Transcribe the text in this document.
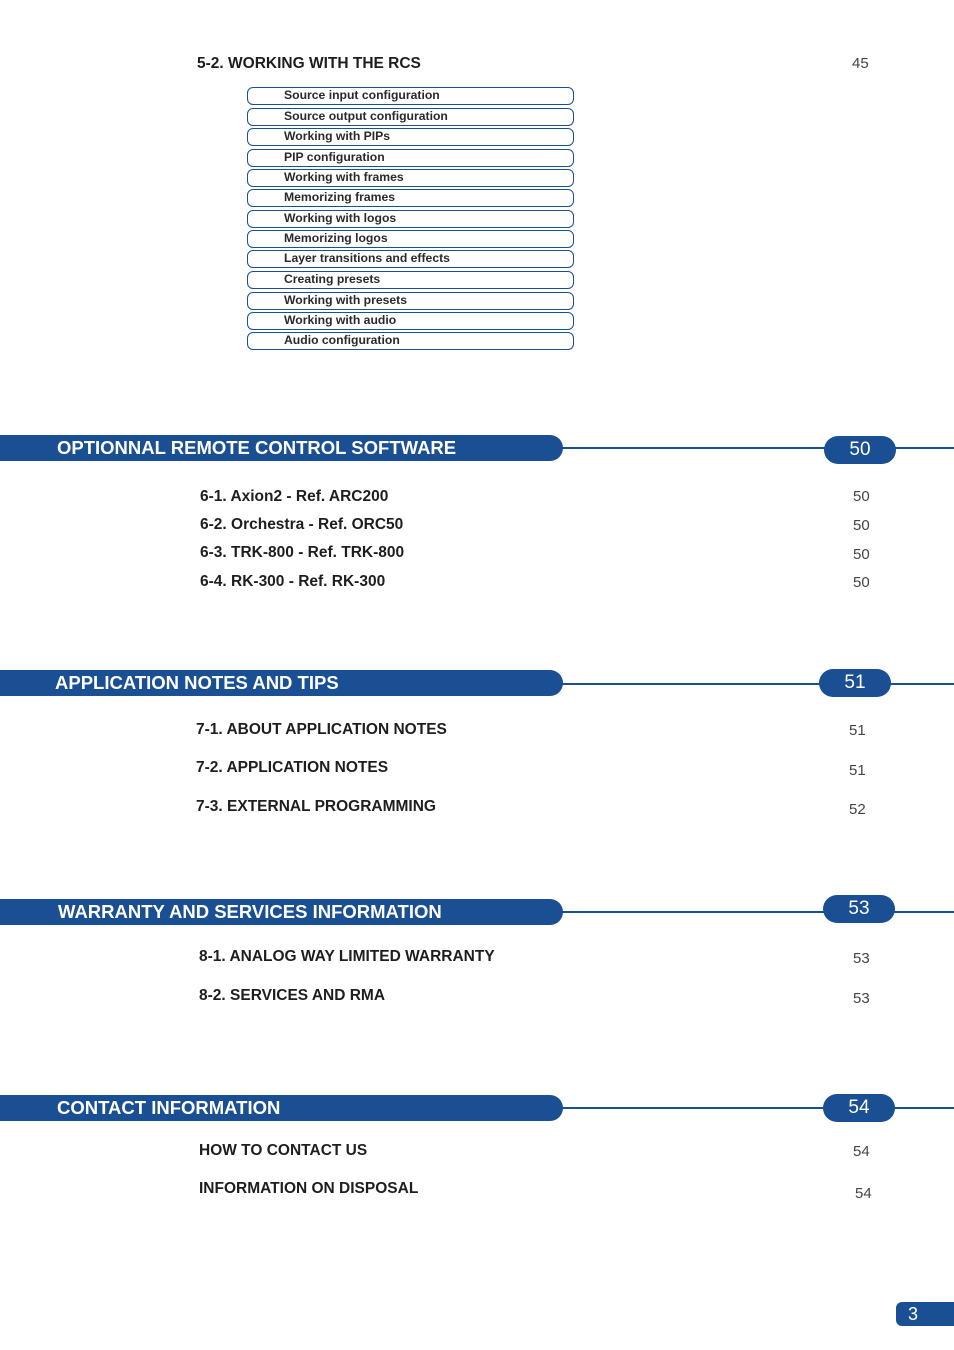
5-2. WORKING WITH THE RCS	45
Source input configuration
Source output configuration
Working with PIPs
PIP configuration
Working with frames
Memorizing frames
Working with logos
Memorizing logos
Layer transitions and effects
Creating presets
Working with presets
Working with audio
Audio configuration
OPTIONNAL REMOTE CONTROL SOFTWARE	50
6-1. Axion2 - Ref. ARC200	50
6-2. Orchestra - Ref. ORC50	50
6-3. TRK-800 - Ref. TRK-800	50
6-4. RK-300 - Ref. RK-300	50
APPLICATION NOTES AND TIPS	51
7-1. ABOUT APPLICATION NOTES	51
7-2. APPLICATION NOTES	51
7-3. EXTERNAL PROGRAMMING	52
WARRANTY AND SERVICES INFORMATION	53
8-1. ANALOG WAY LIMITED WARRANTY	53
8-2. SERVICES AND RMA	53
CONTACT INFORMATION	54
HOW TO CONTACT US	54
INFORMATION ON DISPOSAL	54
3
